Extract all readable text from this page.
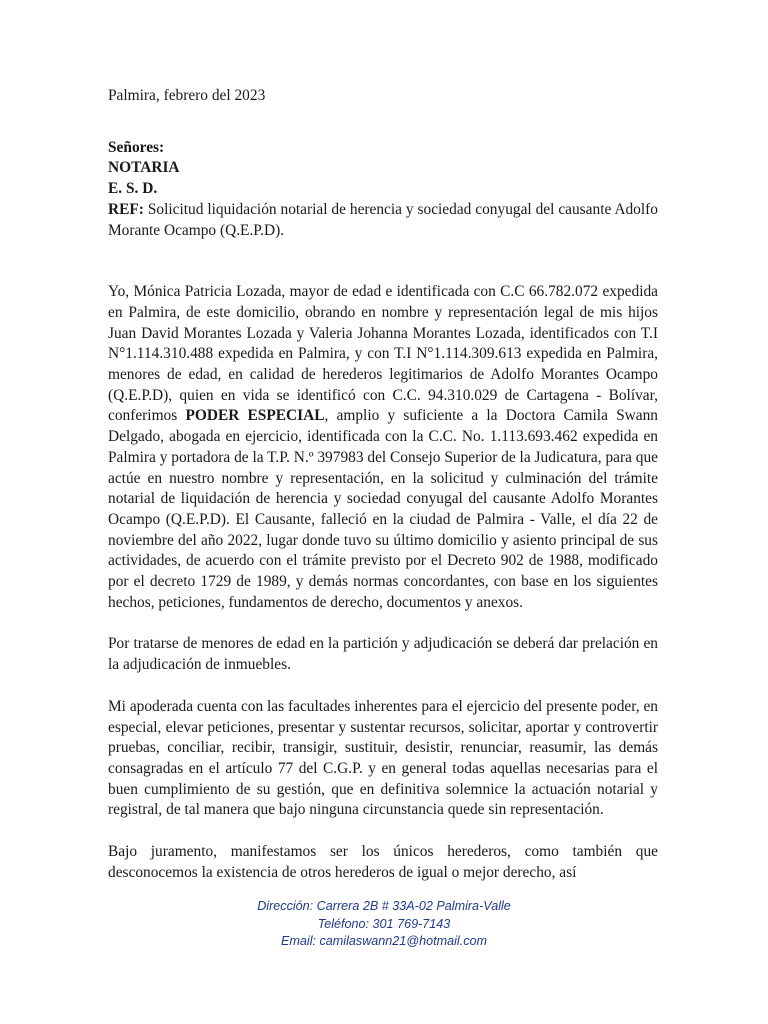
Palmira, febrero del 2023

Señores:
NOTARIA
E. S. D.

REF: Solicitud liquidación notarial de herencia y sociedad conyugal del causante Adolfo Morante Ocampo (Q.E.P.D).

Yo, Mónica Patricia Lozada, mayor de edad e identificada con C.C 66.782.072 expedida en Palmira, de este domicilio, obrando en nombre y representación legal de mis hijos Juan David Morantes Lozada y Valeria Johanna Morantes Lozada, identificados con T.I N°1.114.310.488 expedida en Palmira, y con T.I N°1.114.309.613 expedida en Palmira, menores de edad, en calidad de herederos legitimarios de Adolfo Morantes Ocampo (Q.E.P.D), quien en vida se identificó con C.C. 94.310.029 de Cartagena - Bolívar, conferimos PODER ESPECIAL, amplio y suficiente a la Doctora Camila Swann Delgado, abogada en ejercicio, identificada con la C.C. No. 1.113.693.462 expedida en Palmira y portadora de la T.P. N.º 397983 del Consejo Superior de la Judicatura, para que actúe en nuestro nombre y representación, en la solicitud y culminación del trámite notarial de liquidación de herencia y sociedad conyugal del causante Adolfo Morantes Ocampo (Q.E.P.D). El Causante, falleció en la ciudad de Palmira - Valle, el día 22 de noviembre del año 2022, lugar donde tuvo su último domicilio y asiento principal de sus actividades, de acuerdo con el trámite previsto por el Decreto 902 de 1988, modificado por el decreto 1729 de 1989, y demás normas concordantes, con base en los siguientes hechos, peticiones, fundamentos de derecho, documentos y anexos.

Por tratarse de menores de edad en la partición y adjudicación se deberá dar prelación en la adjudicación de inmuebles.

Mi apoderada cuenta con las facultades inherentes para el ejercicio del presente poder, en especial, elevar peticiones, presentar y sustentar recursos, solicitar, aportar y controvertir pruebas, conciliar, recibir, transigir, sustituir, desistir, renunciar, reasumir, las demás consagradas en el artículo 77 del C.G.P. y en general todas aquellas necesarias para el buen cumplimiento de su gestión, que en definitiva solemnice la actuación notarial y registral, de tal manera que bajo ninguna circunstancia quede sin representación.

Bajo juramento, manifestamos ser los únicos herederos, como también que desconocemos la existencia de otros herederos de igual o mejor derecho, así

Dirección: Carrera 2B # 33A-02 Palmira-Valle
Teléfono: 301 769-7143
Email: camilaswann21@hotmail.com
